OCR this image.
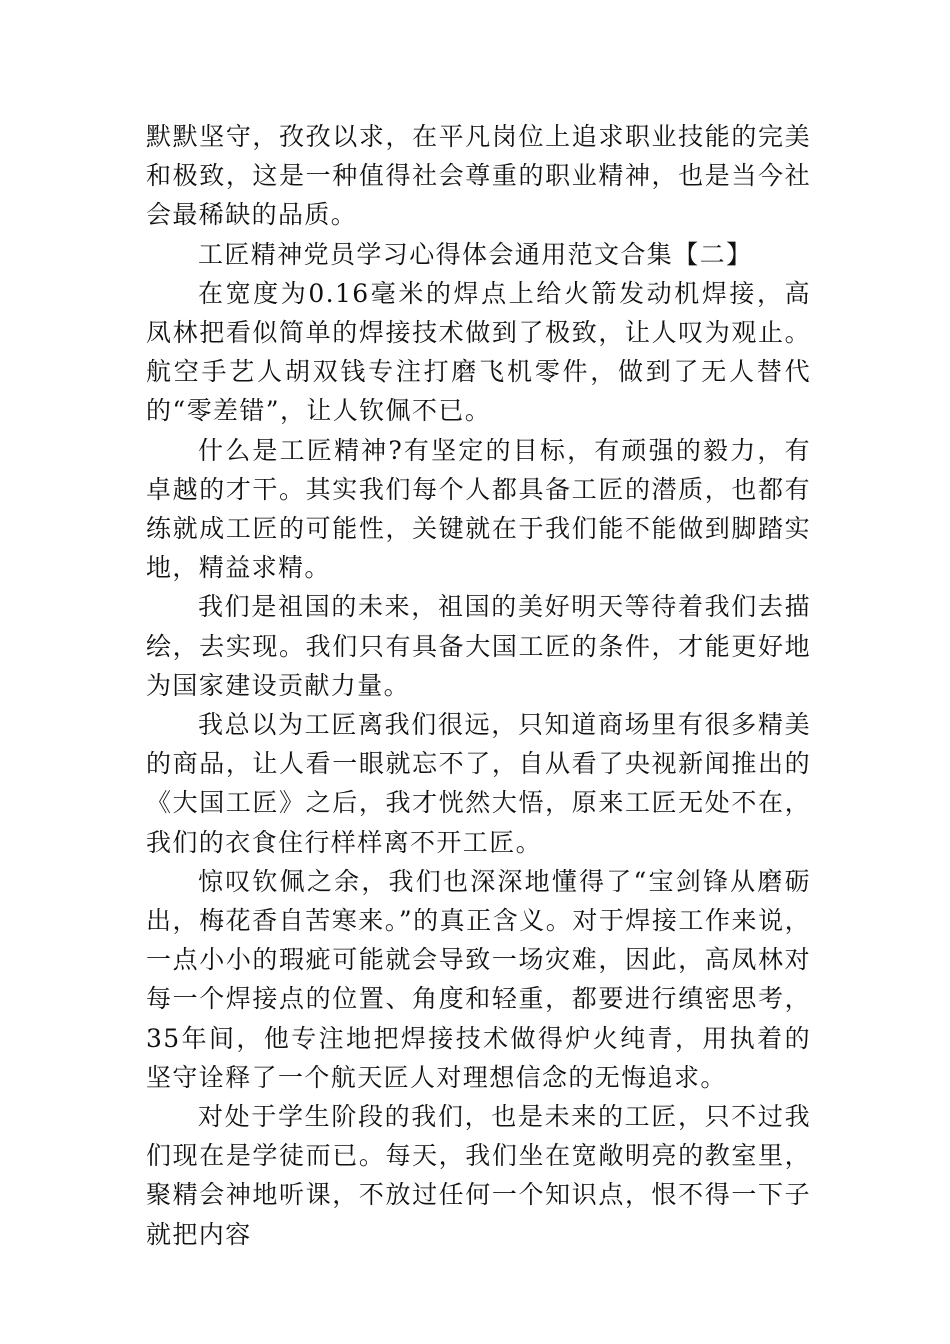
默默坚守，孜孜以求，在平凡岗位上追求职业技能的完美和极致，这是一种值得社会尊重的职业精神，也是当今社会最稀缺的品质。

工匠精神党员学习心得体会通用范文合集【二】

在宽度为0.16毫米的焊点上给火箭发动机焊接，高凤林把看似简单的焊接技术做到了极致，让人叹为观止。航空手艺人胡双钱专注打磨飞机零件，做到了无人替代的“零差错”，让人钦佩不已。

什么是工匠精神?有坚定的目标，有顽强的毅力，有卓越的才干。其实我们每个人都具备工匠的潜质，也都有练就成工匠的可能性，关键就在于我们能不能做到脚踏实地，精益求精。

我们是祖国的未来，祖国的美好明天等待着我们去描绘，去实现。我们只有具备大国工匠的条件，才能更好地为国家建设贡献力量。

我总以为工匠离我们很远，只知道商场里有很多精美的商品，让人看一眼就忘不了，自从看了央视新闻推出的《大国工匠》之后，我才恍然大悟，原来工匠无处不在，我们的衣食住行样样离不开工匠。

惊叹钦佩之余，我们也深深地懂得了“宝剑锋从磨砺出，梅花香自苦寒来。”的真正含义。对于焊接工作来说，一点小小的瑕疵可能就会导致一场灾难，因此，高凤林对每一个焊接点的位置、角度和轻重，都要进行缜密思考，35年间，他专注地把焊接技术做得炉火纯青，用执着的坚守诠释了一个航天匠人对理想信念的无悔追求。

对处于学生阶段的我们，也是未来的工匠，只不过我们现在是学徒而已。每天，我们坐在宽敞明亮的教室里，聚精会神地听课，不放过任何一个知识点，恨不得一下子就把内容
